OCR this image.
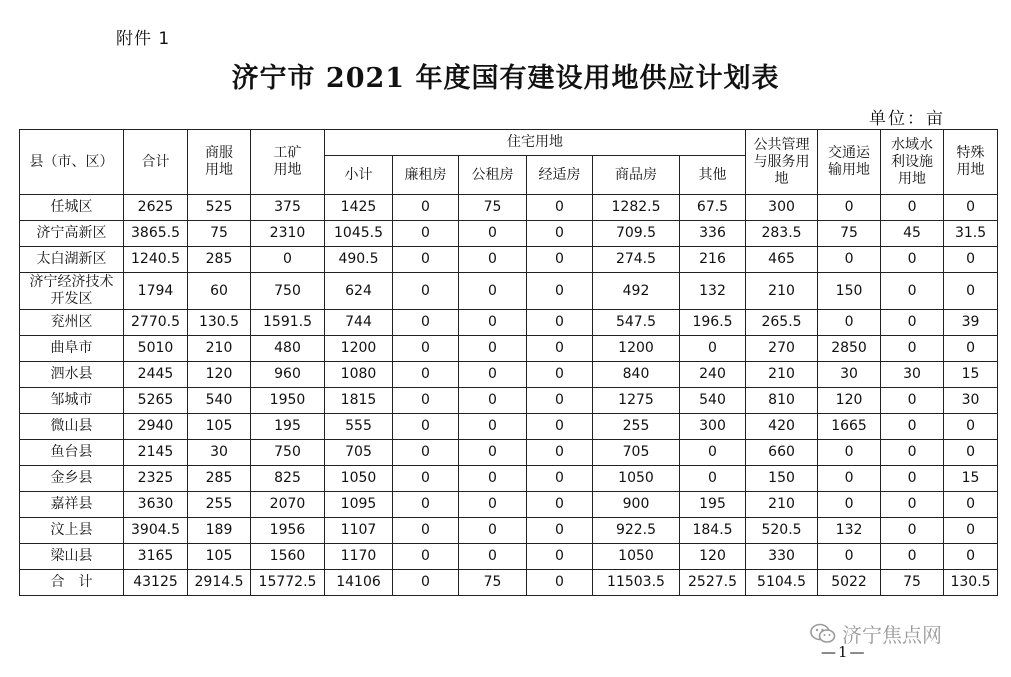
附件 1
济宁市 2021 年度国有建设用地供应计划表
单位：亩
县（市、区）	合计	商服用地	工矿用地	住宅用地						公共管理与服务用地	交通运输用地	水域水利设施用地	特殊用地
				小计	廉租房	公租房	经适房	商品房	其他				
任城区	2625	525	375	1425	0	75	0	1282.5	67.5	300	0	0	0
济宁高新区	3865.5	75	2310	1045.5	0	0	0	709.5	336	283.5	75	45	31.5
太白湖新区	1240.5	285	0	490.5	0	0	0	274.5	216	465	0	0	0
济宁经济技术开发区	1794	60	750	624	0	0	0	492	132	210	150	0	0
兖州区	2770.5	130.5	1591.5	744	0	0	0	547.5	196.5	265.5	0	0	39
曲阜市	5010	210	480	1200	0	0	0	1200	0	270	2850	0	0
泗水县	2445	120	960	1080	0	0	0	840	240	210	30	30	15
邹城市	5265	540	1950	1815	0	0	0	1275	540	810	120	0	30
微山县	2940	105	195	555	0	0	0	255	300	420	1665	0	0
鱼台县	2145	30	750	705	0	0	0	705	0	660	0	0	0
金乡县	2325	285	825	1050	0	0	0	1050	0	150	0	0	15
嘉祥县	3630	255	2070	1095	0	0	0	900	195	210	0	0	0
汶上县	3904.5	189	1956	1107	0	0	0	922.5	184.5	520.5	132	0	0
梁山县	3165	105	1560	1170	0	0	0	1050	120	330	0	0	0
合　计	43125	2914.5	15772.5	14106	0	75	0	11503.5	2527.5	5104.5	5022	75	130.5
济宁焦点网
—1—
